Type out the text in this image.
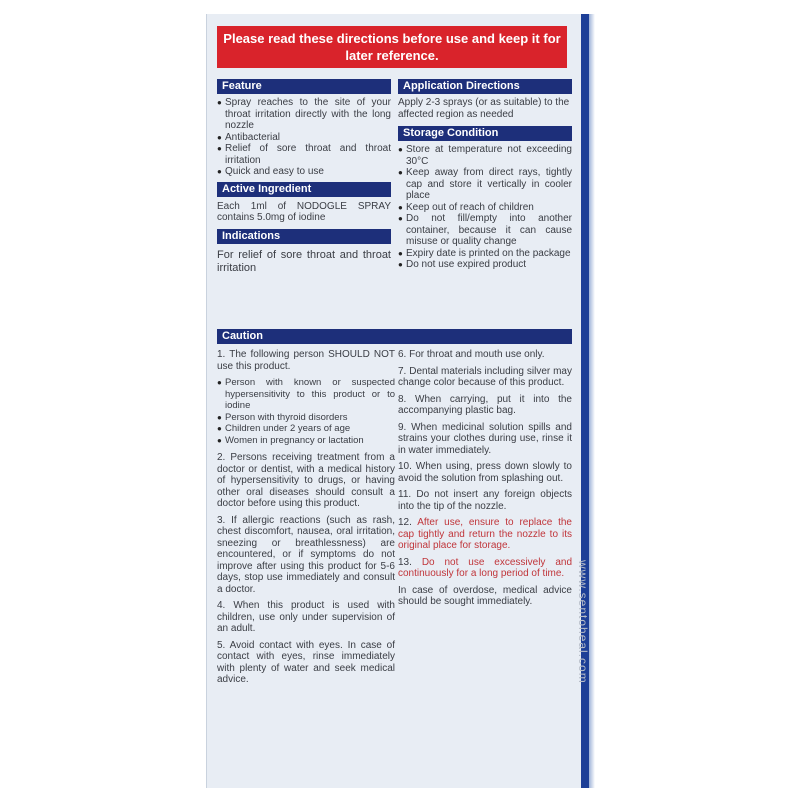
Please read these directions before use and keep it for later reference.
Feature
● Spray reaches to the site of your throat irritation directly with the long nozzle
● Antibacterial
● Relief of sore throat and throat irritation
● Quick and easy to use
Active Ingredient
Each 1ml of NODOGLE SPRAY contains 5.0mg of iodine
Indications
For relief of sore throat and throat irritation
Application Directions
Apply 2-3 sprays (or as suitable) to the affected region as needed
Storage Condition
● Store at temperature not exceeding 30°C
● Keep away from direct rays, tightly cap and store it vertically in cooler place
● Keep out of reach of children
● Do not fill/empty into another container, because it can cause misuse or quality change
● Expiry date is printed on the package
● Do not use expired product
Caution

1. The following person SHOULD NOT use this product.

● Person with known or suspected hypersensitivity to this product or to iodine
● Person with thyroid disorders
● Children under 2 years of age
● Women in pregnancy or lactation

2. Persons receiving treatment from a doctor or dentist, with a medical history of hypersensitivity to drugs, or having other oral diseases should consult a doctor before using this product.

3. If allergic reactions (such as rash, chest discomfort, nausea, oral irritation, sneezing or breathlessness) are encountered, or if symptoms do not improve after using this product for 5-6 days, stop use immediately and consult a doctor.

4. When this product is used with children, use only under supervision of an adult.

5. Avoid contact with eyes. In case of contact with eyes, rinse immediately with plenty of water and seek medical advice.

6. For throat and mouth use only.

7. Dental materials including silver may change color because of this product.

8. When carrying, put it into the accompanying plastic bag.

9. When medicinal solution spills and strains your clothes during use, rinse it in water immediately.

10. When using, press down slowly to avoid the solution from splashing out.

11. Do not insert any foreign objects into the tip of the nozzle.

12. After use, ensure to replace the cap tightly and return the nozzle to its original place for storage.

13. Do not use excessively and continuously for a long period of time.

In case of overdose, medical advice should be sought immediately.	www.sentoheal.com
